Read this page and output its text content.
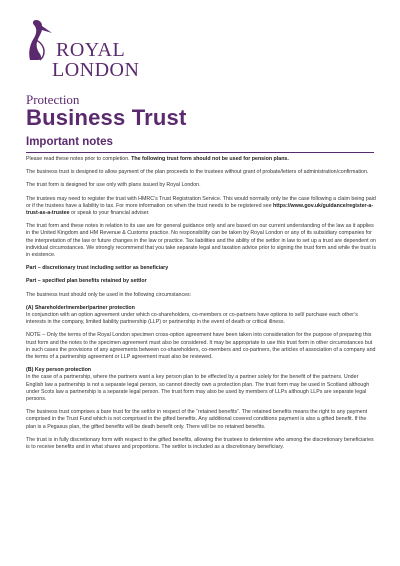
ROYAL
LONDON
Protection
Business Trust
Important notes

Please read these notes prior to completion. The following trust form should not be used for pension plans.

The business trust is designed to allow payment of the plan proceeds to the trustees without grant of probate/letters of administration/confirmation.

The trust form is designed for use only with plans issued by Royal London.

The trustees may need to register the trust with HMRC’s Trust Registration Service. This would normally only be the case following a claim being paid or if the trustees have a liability to tax. For more information on when the trust needs to be registered see https://www.gov.uk/guidance/register-a-trust-as-a-trustee or speak to your financial adviser.

The trust form and these notes in relation to its use are for general guidance only and are based on our current understanding of the law as it applies in the United Kingdom and HM Revenue & Customs practice. No responsibility can be taken by Royal London or any of its subsidiary companies for the interpretation of the law or future changes in the law or practice. Tax liabilities and the ability of the settlor in law to set up a trust are dependent on individual circumstances. We strongly recommend that you take separate legal and taxation advice prior to signing the trust form and while the trust is in existence.

Part – discretionary trust including settlor as beneficiary

Part – specified plan benefits retained by settlor

The business trust should only be used in the following circumstances:

(A) Shareholder/member/partner protection

In conjunction with an option agreement under which co-shareholders, co-members or co-partners have options to sell/ purchase each other’s interests in the company, limited liability partnership (LLP) or partnership in the event of death or critical illness.

NOTE – Only the terms of the Royal London specimen cross-option agreement have been taken into consideration for the purpose of preparing this trust form and the notes to the specimen agreement must also be considered. It may be appropriate to use this trust form in other circumstances but in such cases the provisions of any agreements between co-shareholders, co-members and co-partners, the articles of association of a company and the terms of a partnership agreement or LLP agreement must also be reviewed.

(B) Key person protection

In the case of a partnership, where the partners want a key person plan to be effected by a partner solely for the benefit of the partners. Under English law a partnership is not a separate legal person, so cannot directly own a protection plan. The trust form may be used in Scotland although under Scots law a partnership is a separate legal person. The trust form may also be used by members of LLPs although LLPs are separate legal persons.

The business trust comprises a bare trust for the settlor in respect of the “retained benefits”. The retained benefits means the right to any payment comprised in the Trust Fund which is not comprised in the gifted benefits. Any additional covered conditions payment is also a gifted benefit. If the plan is a Pegasus plan, the gifted benefits will be death benefit only. There will be no retained benefits.

The trust is in fully discretionary form with respect to the gifted benefits, allowing the trustees to determine who among the discretionary beneficiaries is to receive benefits and in what shares and proportions. The settlor is included as a discretionary beneficiary.
